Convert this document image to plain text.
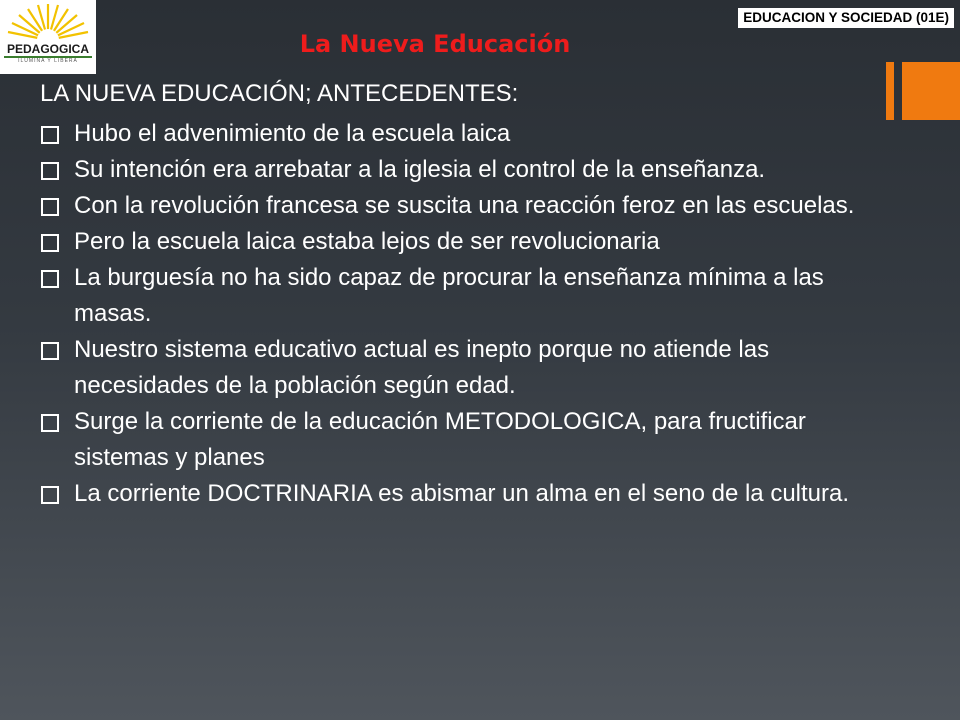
PEDAGOGICA
ILUMINA Y LIBERA
EDUCACION Y SOCIEDAD (01E)
La Nueva Educación
LA NUEVA EDUCACIÓN; ANTECEDENTES:
Hubo el advenimiento de la escuela laica
Su intención era arrebatar a la iglesia el control de la enseñanza.
Con la revolución francesa se suscita una reacción feroz en las escuelas.
Pero la escuela laica estaba lejos de ser revolucionaria
La burguesía no ha sido capaz de procurar la enseñanza mínima a las masas.
Nuestro sistema educativo actual es inepto porque no atiende las necesidades de la población según edad.
Surge la corriente de la educación METODOLOGICA, para fructificar sistemas y planes
La corriente DOCTRINARIA es abismar un alma en el seno de la cultura.
